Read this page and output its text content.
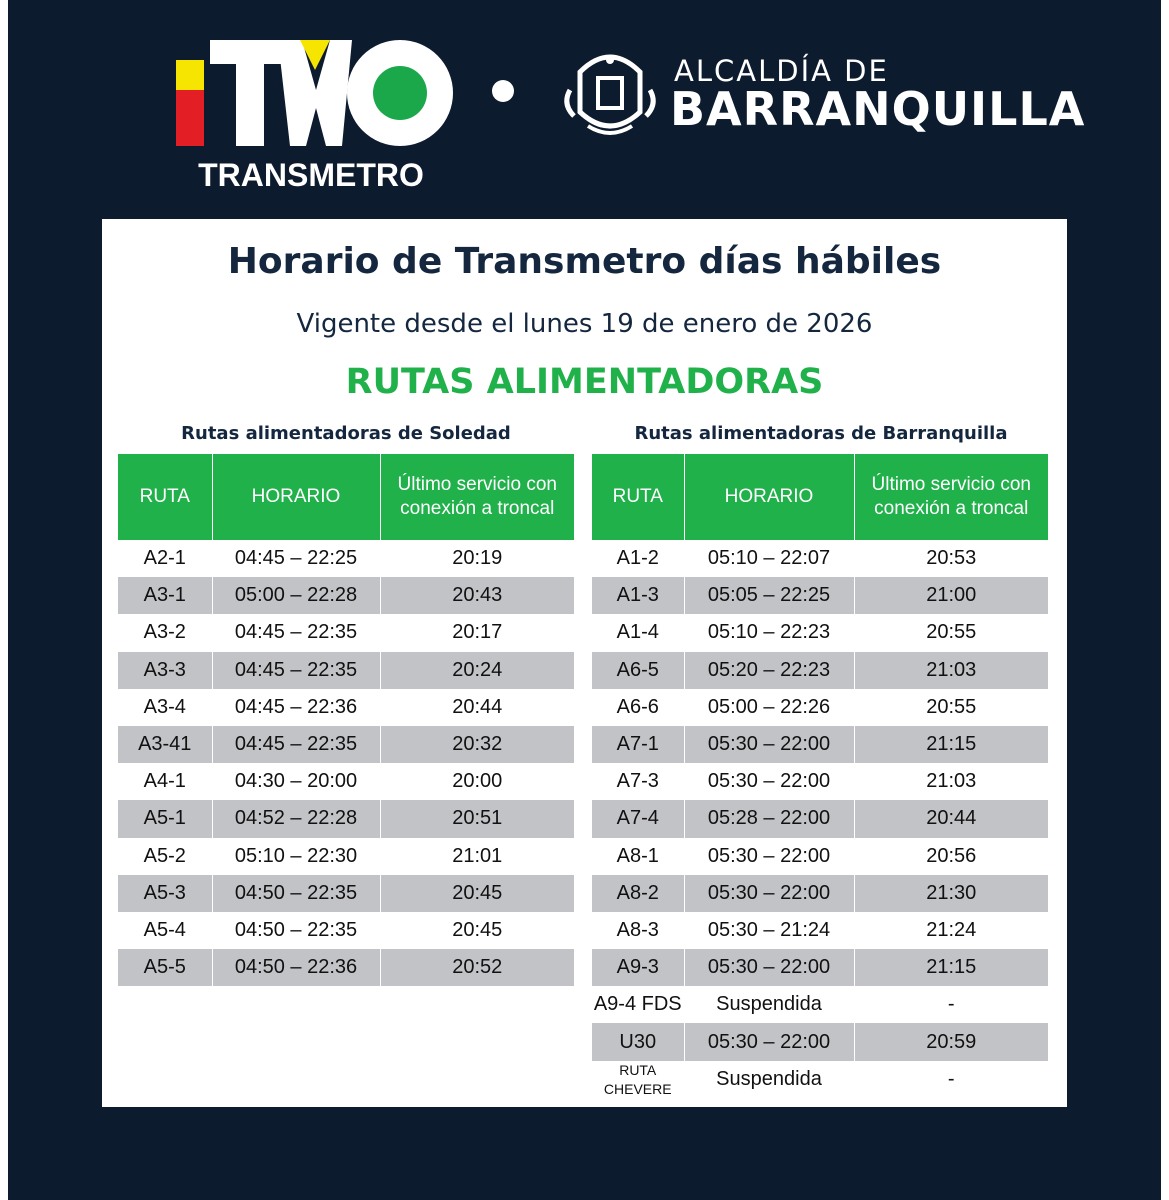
TRANSMETRO
ALCALDÍA DE
BARRANQUILLA
Horario de Transmetro días hábiles
Vigente desde el lunes 19 de enero de 2026
RUTAS ALIMENTADORAS
Rutas alimentadoras de Soledad	Rutas alimentadoras de Barranquilla
RUTA	HORARIO	Último servicio con conexión a troncal
A2-1	04:45 – 22:25	20:19
A3-1	05:00 – 22:28	20:43
A3-2	04:45 – 22:35	20:17
A3-3	04:45 – 22:35	20:24
A3-4	04:45 – 22:36	20:44
A3-41	04:45 – 22:35	20:32
A4-1	04:30 – 20:00	20:00
A5-1	04:52 – 22:28	20:51
A5-2	05:10 – 22:30	21:01
A5-3	04:50 – 22:35	20:45
A5-4	04:50 – 22:35	20:45
A5-5	04:50 – 22:36	20:52
RUTA	HORARIO	Último servicio con conexión a troncal
A1-2	05:10 – 22:07	20:53
A1-3	05:05 – 22:25	21:00
A1-4	05:10 – 22:23	20:55
A6-5	05:20 – 22:23	21:03
A6-6	05:00 – 22:26	20:55
A7-1	05:30 – 22:00	21:15
A7-3	05:30 – 22:00	21:03
A7-4	05:28 – 22:00	20:44
A8-1	05:30 – 22:00	20:56
A8-2	05:30 – 22:00	21:30
A8-3	05:30 – 21:24	21:24
A9-3	05:30 – 22:00	21:15
A9-4 FDS	Suspendida	-
U30	05:30 – 22:00	20:59
RUTA CHEVERE	Suspendida	-
